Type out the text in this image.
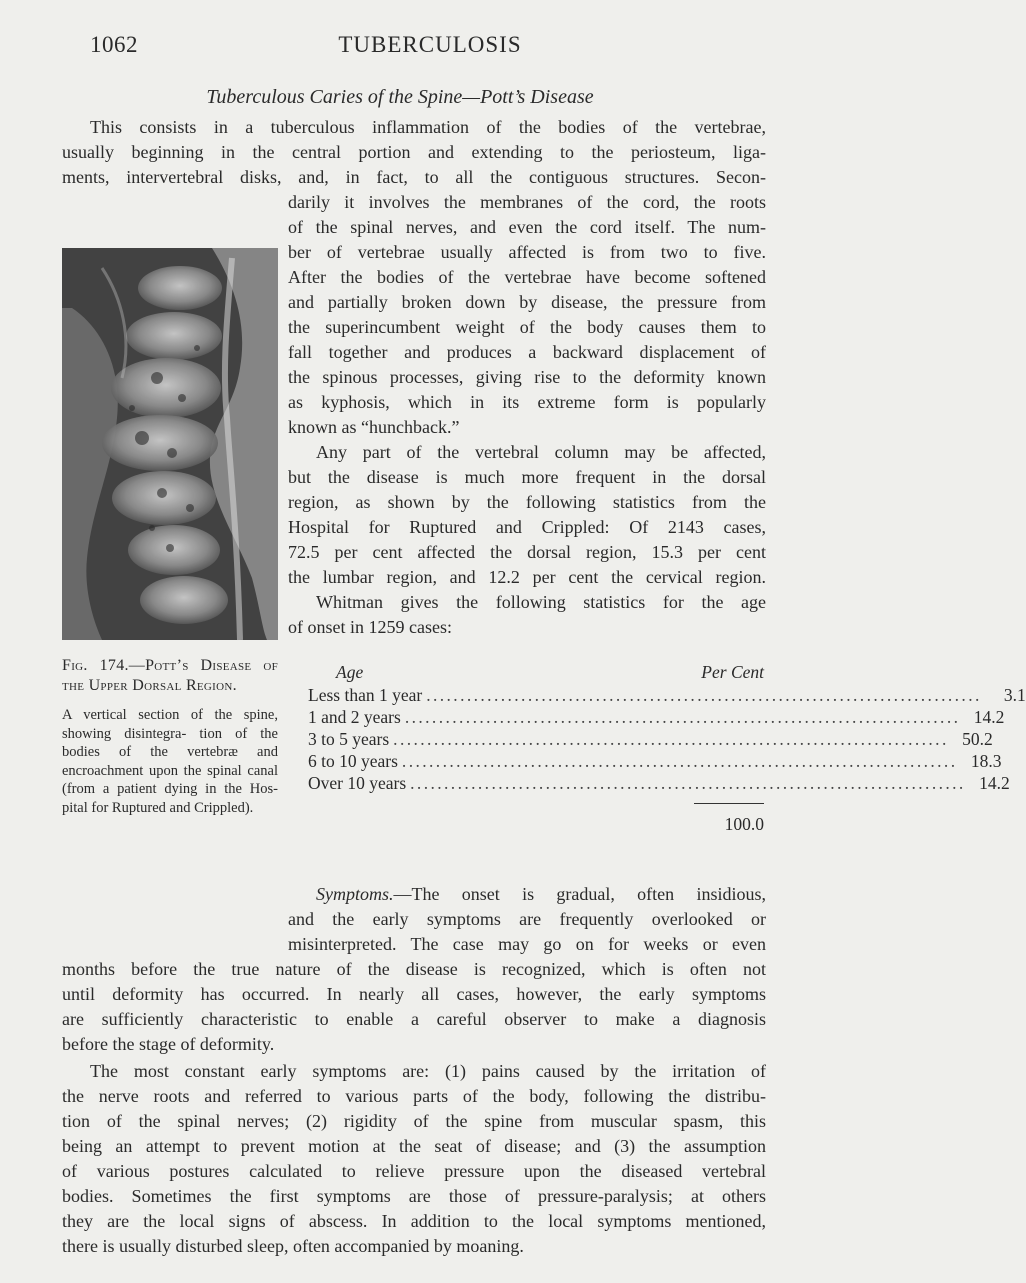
1062	TUBERCULOSIS
Tuberculous Caries of the Spine—Pott’s Disease
This consists in a tuberculous inflammation of the bodies of the vertebrae,
usually beginning in the central portion and extending to the periosteum, liga-
ments, intervertebral disks, and, in fact, to all the contiguous structures. Secon-
darily it involves the membranes of the cord, the roots
of the spinal nerves, and even the cord itself. The num-
ber of vertebrae usually affected is from two to five.
After the bodies of the vertebrae have become softened
and partially broken down by disease, the pressure from
the superincumbent weight of the body causes them to
fall together and produces a backward displacement of
the spinous processes, giving rise to the deformity known
as kyphosis, which in its extreme form is popularly
known as “hunchback.”
Any part of the vertebral column may be affected,
but the disease is much more frequent in the dorsal
region, as shown by the following statistics from the
Hospital for Ruptured and Crippled: Of 2143 cases,
72.5 per cent affected the dorsal region, 15.3 per cent
the lumbar region, and 12.2 per cent the cervical region.
Whitman gives the following statistics for the age
of onset in 1259 cases:
Fig. 174.—Pott’s Disease of the Upper Dorsal Region.
A vertical section of the spine, showing disintegra- tion of the bodies of the vertebræ and encroachment upon the spinal canal (from a patient dying in the Hos- pital for Ruptured and Crippled).
Age	Per Cent
Less than 1 year ..................................................................................	3.1
1 and 2 years .................................................................................. 14.2
3 to 5 years .................................................................................. 50.2
6 to 10 years .................................................................................. 18.3
Over 10 years .................................................................................. 14.2
100.0
Symptoms.—The onset is gradual, often insidious,
and the early symptoms are frequently overlooked or
misinterpreted. The case may go on for weeks or even
months before the true nature of the disease is recognized, which is often not
until deformity has occurred. In nearly all cases, however, the early symptoms
are sufficiently characteristic to enable a careful observer to make a diagnosis
before the stage of deformity.
The most constant early symptoms are: (1) pains caused by the irritation of
the nerve roots and referred to various parts of the body, following the distribu-
tion of the spinal nerves; (2) rigidity of the spine from muscular spasm, this
being an attempt to prevent motion at the seat of disease; and (3) the assumption
of various postures calculated to relieve pressure upon the diseased vertebral
bodies. Sometimes the first symptoms are those of pressure-paralysis; at others
they are the local signs of abscess. In addition to the local symptoms mentioned,
there is usually disturbed sleep, often accompanied by moaning.
